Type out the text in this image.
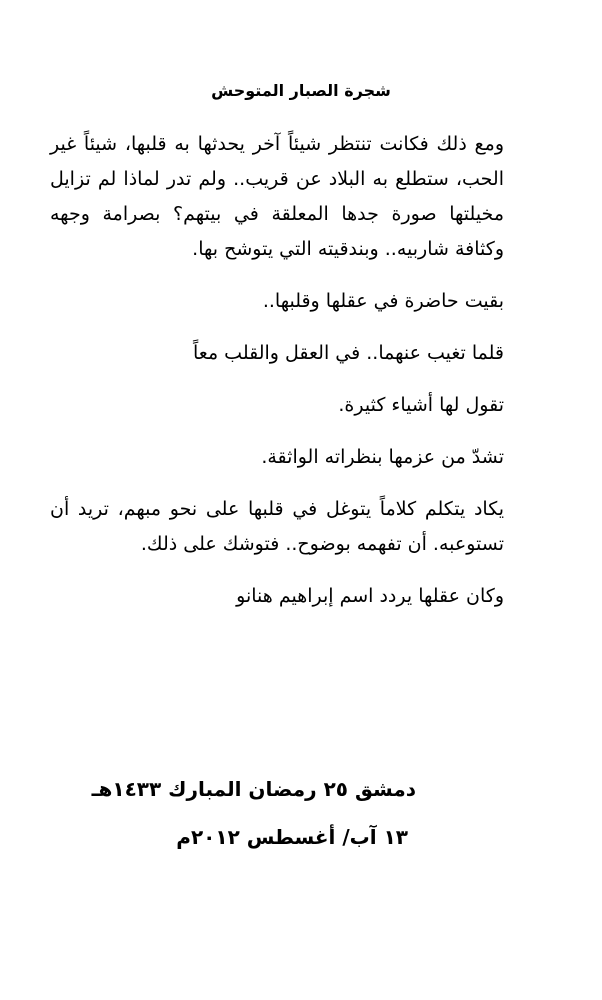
شجرة الصبار المتوحش

ومع ذلك فكانت تنتظر شيئاً آخر يحدثها به قلبها، شيئاً غير الحب، ستطلع به البلاد عن قريب.. ولم تدر لماذا لم تزايل مخيلتها صورة جدها المعلقة في بيتهم؟ بصرامة وجهه وكثافة شاربيه.. وبندقيته التي يتوشح بها.

بقيت حاضرة في عقلها وقلبها..

قلما تغيب عنهما.. في العقل والقلب معاً

تقول لها أشياء كثيرة.

تشدّ من عزمها بنظراته الواثقة.

يكاد يتكلم كلاماً يتوغل في قلبها على نحو مبهم، تريد أن تستوعبه. أن تفهمه بوضوح.. فتوشك على ذلك.

وكان عقلها يردد اسم إبراهيم هنانو

دمشق ٢٥ رمضان المبارك ١٤٣٣هـ
١٣ آب/ أغسطس ٢٠١٢م
